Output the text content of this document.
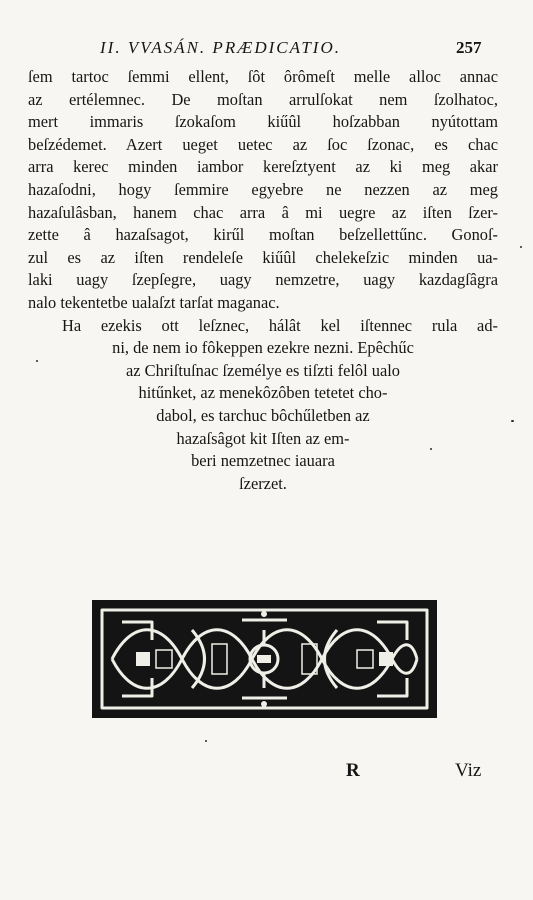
II. VVASÁN. PRÆDICATIO.	257
ſem tartoc ſemmi ellent, ſôt ôrômeſt melle alloc annac
az ertélemnec. De moſtan arrulſokat nem ſzolhatoc,
mert immaris ſzokaſom kiűûl hoſzabban nyútottam
beſzédemet. Azert ueget uetec az ſoc ſzonac, es chac
arra kerec minden iambor kereſztyent az ki meg akar
hazaſodni, hogy ſemmire egyebre ne nezzen az meg
hazaſulâsban, hanem chac arra â mi uegre az iſten ſzer-
zette â hazaſsagot, kirűl moſtan beſzellettűnc. Gonoſ-
zul es az iſten rendeleſe kiűûl chelekeſzic minden ua-
laki uagy ſzepſegre, uagy nemzetre, uagy kazdagſâgra
nalo tekentetbe ualaſzt tarſat maganac.
Ha ezekis ott leſznec, hálât kel iſtennec rula ad-
ni, de nem io fôkeppen ezekre nezni. Epêchűc
az Chriſtuſnac ſzemélye es tiſzti felôl ualo
hitűnket, az menekôzôben tetetet cho-
dabol, es tarchuc bôchűletben az
hazaſsâgot kit Iſten az em-
beri nemzetnec iauara
ſzerzet.
R	Viz
